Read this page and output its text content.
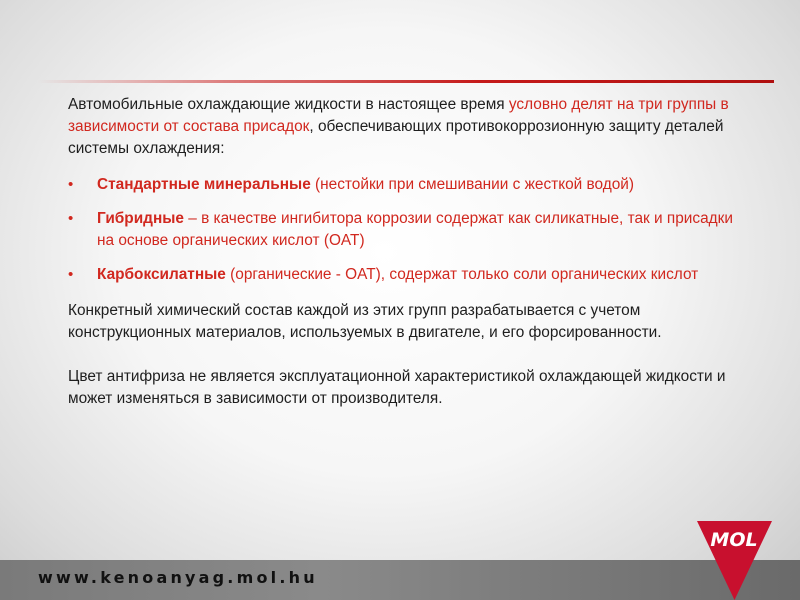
Автомобильные охлаждающие жидкости в настоящее время условно делят на три группы в зависимости от состава присадок, обеспечивающих противокоррозионную защиту деталей системы охлаждения:

• Стандартные минеральные (нестойки при смешивании с жесткой водой)
• Гибридные – в качестве ингибитора коррозии содержат как силикатные, так и присадки на основе органических кислот (OAT)
• Карбоксилатные (органические - OAT), содержат только соли органических кислот

Конкретный химический состав каждой из этих групп разрабатывается с учетом конструкционных материалов, используемых в двигателе, и его форсированности.

Цвет антифриза не является эксплуатационной характеристикой охлаждающей жидкости и может изменяться в зависимости от производителя.

www.kenoanyag.mol.hu
MOL
